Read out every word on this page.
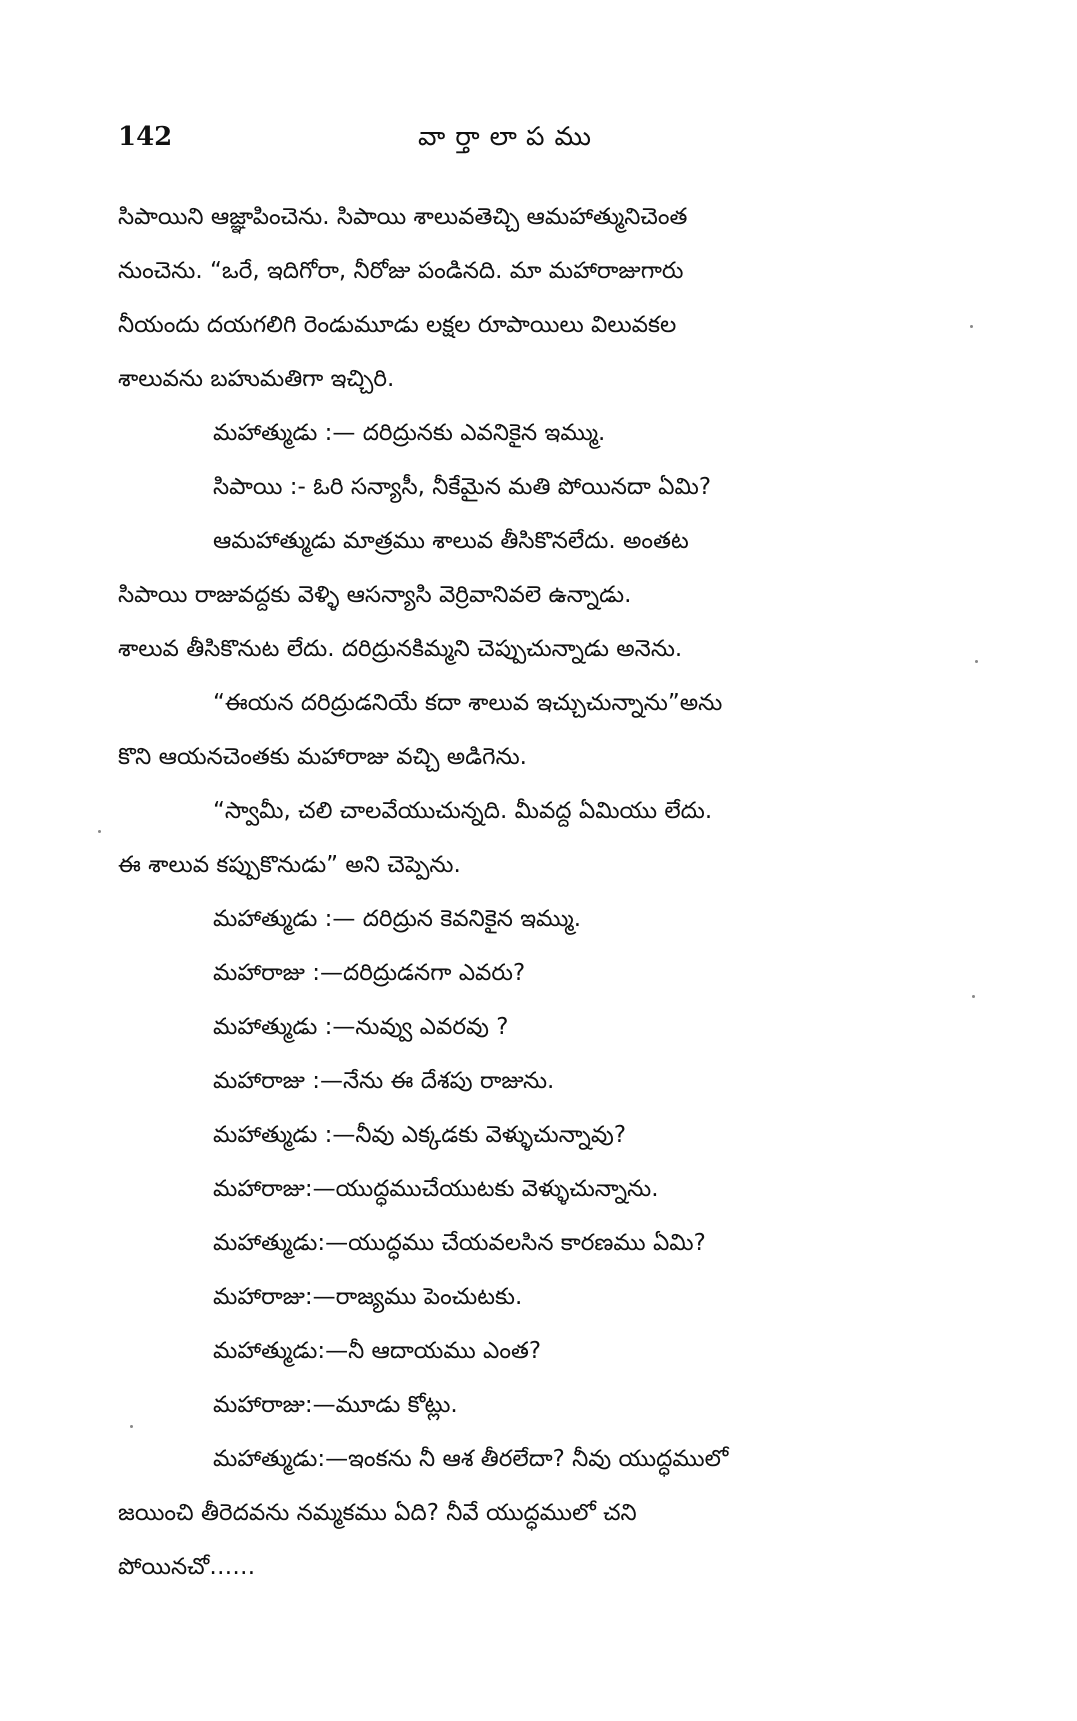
142	వార్తాలాపము
సిపాయిని ఆజ్ఞాపించెను. సిపాయి శాలువతెచ్చి ఆమహాత్మునిచెంత
నుంచెను. “ఒరే, ఇదిగోరా, నీరోజు పండినది. మా మహారాజుగారు
నీయందు దయగలిగి రెండుమూడు లక్షల రూపాయిలు విలువకల
శాలువను బహుమతిగా ఇచ్చిరి.
మహాత్ముడు :— దరిద్రునకు ఎవనికైన ఇమ్ము.
సిపాయి :- ఓరి సన్యాసీ, నీకేమైన మతి పోయినదా ఏమి?
ఆమహాత్ముడు మాత్రము శాలువ తీసికొనలేదు. అంతట
సిపాయి రాజువద్దకు వెళ్ళి ఆసన్యాసి వెర్రివానివలె ఉన్నాడు.
శాలువ తీసికొనుట లేదు. దరిద్రునకిమ్మని చెప్పుచున్నాడు అనెను.
“ఈయన దరిద్రుడనియే కదా శాలువ ఇచ్చుచున్నాను”అను
కొని ఆయనచెంతకు మహారాజు వచ్చి అడిగెను.
“స్వామీ, చలి చాలవేయుచున్నది. మీవద్ద ఏమియు లేదు.
ఈ శాలువ కప్పుకొనుడు” అని చెప్పెను.
మహాత్ముడు :— దరిద్రున కెవనికైన ఇమ్ము.
మహారాజు :—దరిద్రుడనగా ఎవరు?
మహాత్ముడు :—నువ్వు ఎవరవు ?
మహారాజు :—నేను ఈ దేశపు రాజును.
మహాత్ముడు :—నీవు ఎక్కడకు వెళ్ళుచున్నావు?
మహారాజు:—యుద్ధముచేయుటకు వెళ్ళుచున్నాను.
మహాత్ముడు:—యుద్ధము చేయవలసిన కారణము ఏమి?
మహారాజు:—రాజ్యము పెంచుటకు.
మహాత్ముడు:—నీ ఆదాయము ఎంత?
మహారాజు:—మూడు కోట్లు.
మహాత్ముడు:—ఇంకను నీ ఆశ తీరలేదా? నీవు యుద్ధములో
జయించి తీరెదవను నమ్మకము ఏది? నీవే యుద్ధములో చని
పోయినచో……
